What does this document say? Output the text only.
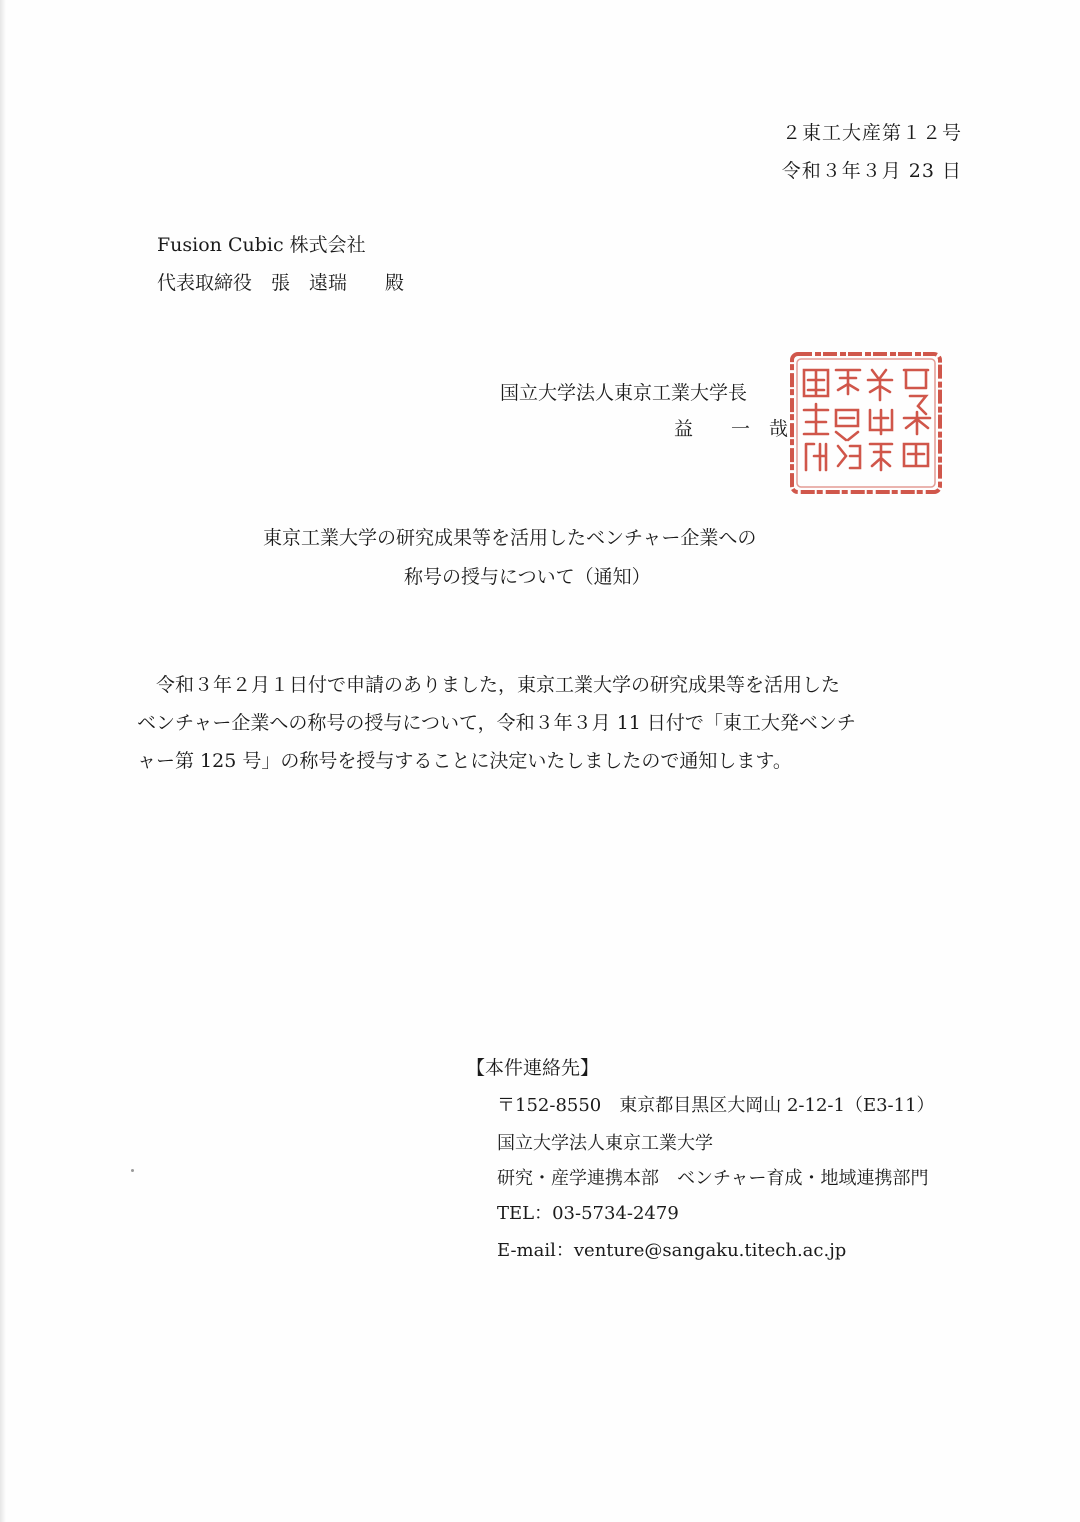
２東工大産第１２号
令和３年３月 23 日
Fusion Cubic 株式会社
代表取締役　張　遠瑞　　殿
国立大学法人東京工業大学長
益　　一　哉
東京工業大学の研究成果等を活用したベンチャー企業への
称号の授与について（通知）

令和３年２月１日付で申請のありました，東京工業大学の研究成果等を活用した

ベンチャー企業への称号の授与について，令和３年３月 11 日付で「東工大発ベンチ

ャー第 125 号」の称号を授与することに決定いたしましたので通知します。

【本件連絡先】
〒152-8550　東京都目黒区大岡山 2-12-1（E3-11）
国立大学法人東京工業大学
研究・産学連携本部　ベンチャー育成・地域連携部門
TEL：03-5734-2479
E-mail：venture@sangaku.titech.ac.jp
